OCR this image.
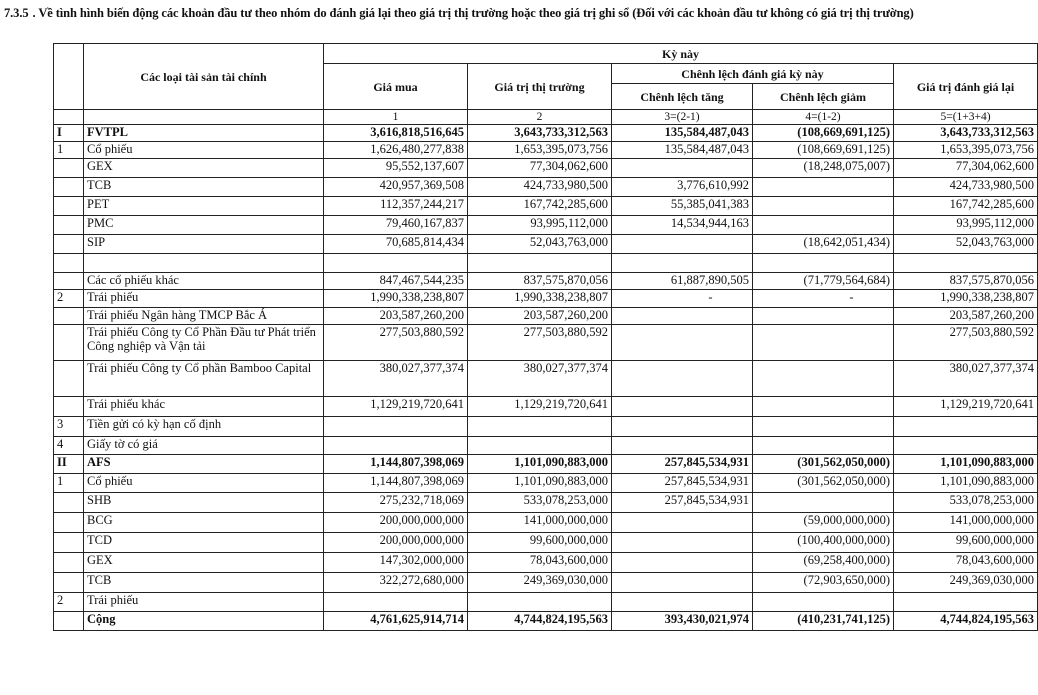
7.3.5 . Về tình hình biến động các khoản đầu tư theo nhóm do đánh giá lại theo giá trị thị trường hoặc theo giá trị ghi sổ (Đối với các khoản đầu tư không có giá trị thị trường)
	Các loại tài sản tài chính	Kỳ này				
		Giá mua	Giá trị thị trường	Chênh lệch đánh giá kỳ này		Giá trị đánh giá lại
				Chênh lệch tăng	Chênh lệch giảm	
		1	2	3=(2-1)	4=(1-2)	5=(1+3+4)
I	FVTPL	3,616,818,516,645	3,643,733,312,563	135,584,487,043	(108,669,691,125)	3,643,733,312,563
1	Cổ phiếu	1,626,480,277,838	1,653,395,073,756	135,584,487,043	(108,669,691,125)	1,653,395,073,756
	GEX	95,552,137,607	77,304,062,600		(18,248,075,007)	77,304,062,600
	TCB	420,957,369,508	424,733,980,500	3,776,610,992		424,733,980,500
	PET	112,357,244,217	167,742,285,600	55,385,041,383		167,742,285,600
	PMC	79,460,167,837	93,995,112,000	14,534,944,163		93,995,112,000
	SIP	70,685,814,434	52,043,763,000		(18,642,051,434)	52,043,763,000

	Các cổ phiếu khác	847,467,544,235	837,575,870,056	61,887,890,505	(71,779,564,684)	837,575,870,056
2	Trái phiếu	1,990,338,238,807	1,990,338,238,807	-	-	1,990,338,238,807
	Trái phiếu Ngân hàng TMCP Bắc Á	203,587,260,200	203,587,260,200			203,587,260,200
	Trái phiếu Công ty Cổ Phần Đầu tư Phát triển Công nghiệp và Vận tải	277,503,880,592	277,503,880,592			277,503,880,592
	Trái phiếu Công ty Cổ phần Bamboo Capital	380,027,377,374	380,027,377,374			380,027,377,374
	Trái phiếu khác	1,129,219,720,641	1,129,219,720,641			1,129,219,720,641
3	Tiền gửi có kỳ hạn cố định					
4	Giấy tờ có giá					
II	AFS	1,144,807,398,069	1,101,090,883,000	257,845,534,931	(301,562,050,000)	1,101,090,883,000
1	Cổ phiếu	1,144,807,398,069	1,101,090,883,000	257,845,534,931	(301,562,050,000)	1,101,090,883,000
	SHB	275,232,718,069	533,078,253,000	257,845,534,931		533,078,253,000
	BCG	200,000,000,000	141,000,000,000		(59,000,000,000)	141,000,000,000
	TCD	200,000,000,000	99,600,000,000		(100,400,000,000)	99,600,000,000
	GEX	147,302,000,000	78,043,600,000		(69,258,400,000)	78,043,600,000
	TCB	322,272,680,000	249,369,030,000		(72,903,650,000)	249,369,030,000
2	Trái phiếu					
	Cộng	4,761,625,914,714	4,744,824,195,563	393,430,021,974	(410,231,741,125)	4,744,824,195,563
